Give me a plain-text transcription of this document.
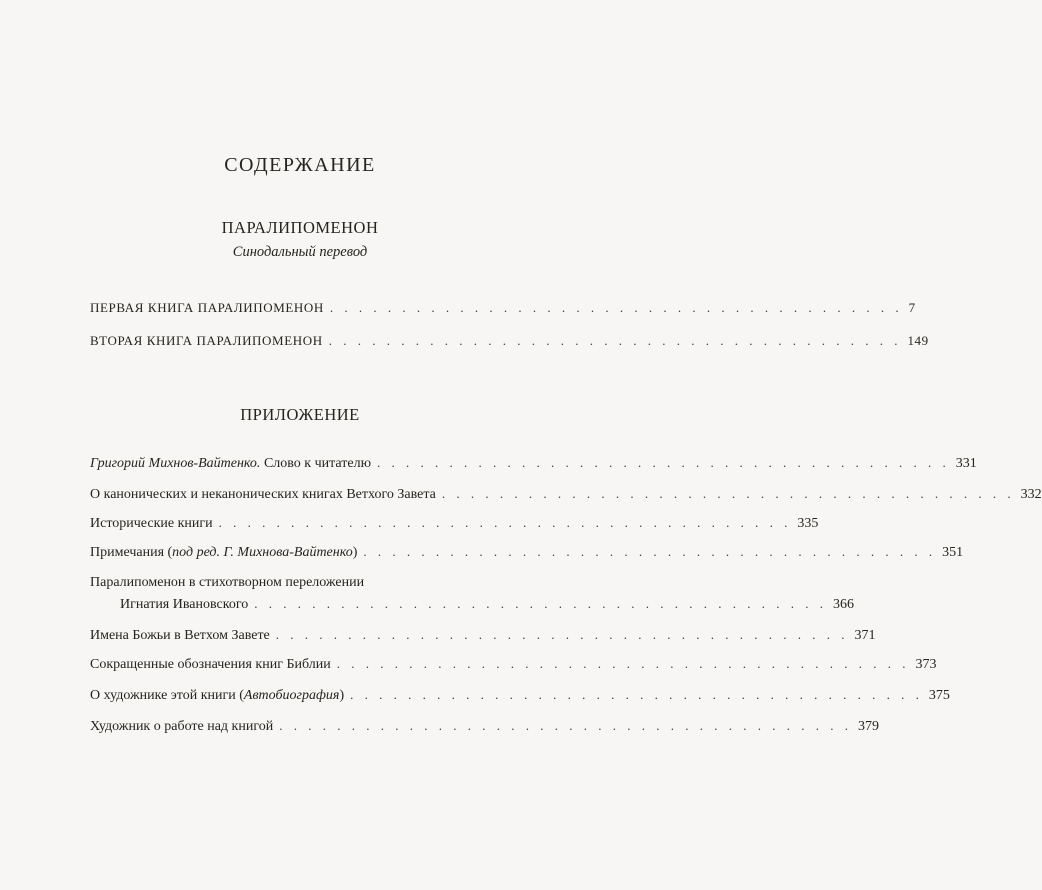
СОДЕРЖАНИЕ
ПАРАЛИПОМЕНОН
Синодальный перевод
ПЕРВАЯ КНИГА ПАРАЛИПОМЕНОН . . . . . . . . . . . . . . . . . . . . . . . . . . . . . . . . . . . . . . . . 7
ВТОРАЯ КНИГА ПАРАЛИПОМЕНОН . . . . . . . . . . . . . . . . . . . . . . . . . . . . . . . . . . . . . . . . 149
ПРИЛОЖЕНИЕ
Григорий Михнов-Вайтенко. Слово к читателю . . . . . . . . . . . . . . . . . . . . . . . . . . . . . . . . . . . . . . . . 331
О канонических и неканонических книгах Ветхого Завета . . . . . . . . . . . . . . . . . . . . . . . . . . . . . . . . . . . . . . . . 332
Исторические книги . . . . . . . . . . . . . . . . . . . . . . . . . . . . . . . . . . . . . . . . 335
Примечания (под ред. Г. Михнова-Вайтенко) . . . . . . . . . . . . . . . . . . . . . . . . . . . . . . . . . . . . . . . . 351
Паралипоменон в стихотворном переложении
Игнатия Ивановского . . . . . . . . . . . . . . . . . . . . . . . . . . . . . . . . . . . . . . . . 366
Имена Божьи в Ветхом Завете . . . . . . . . . . . . . . . . . . . . . . . . . . . . . . . . . . . . . . . . 371
Сокращенные обозначения книг Библии . . . . . . . . . . . . . . . . . . . . . . . . . . . . . . . . . . . . . . . . 373
О художнике этой книги (Автобиография) . . . . . . . . . . . . . . . . . . . . . . . . . . . . . . . . . . . . . . . . 375
Художник о работе над книгой . . . . . . . . . . . . . . . . . . . . . . . . . . . . . . . . . . . . . . . . 379
